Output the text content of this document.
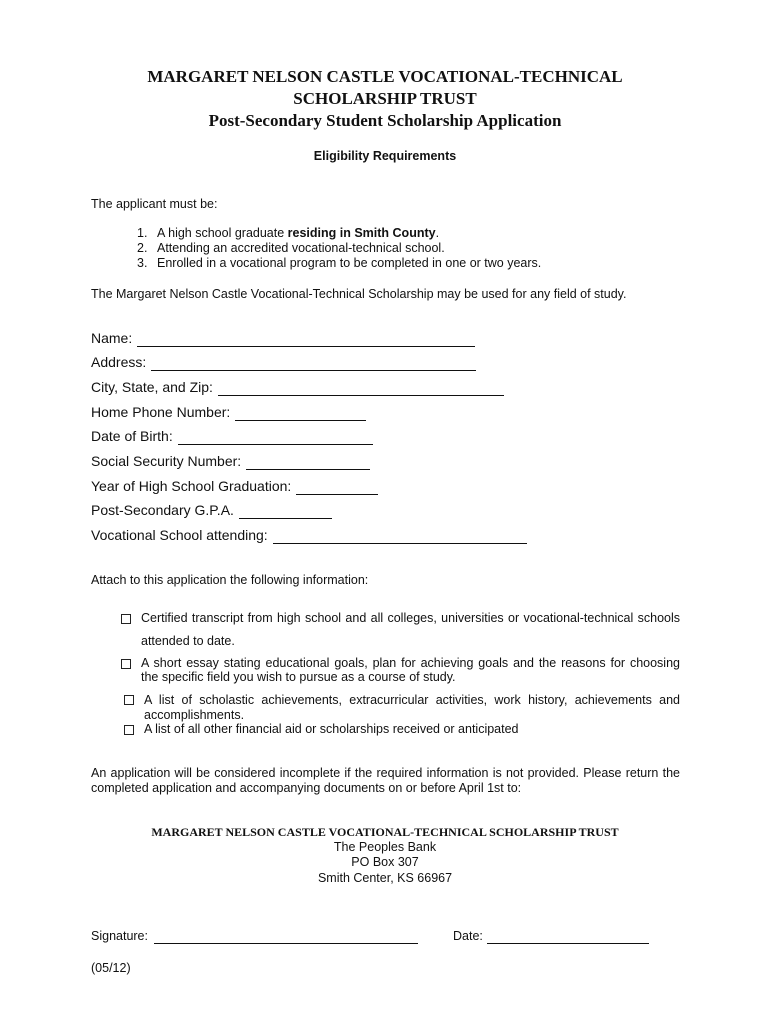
MARGARET NELSON CASTLE VOCATIONAL-TECHNICAL
SCHOLARSHIP TRUST
Post-Secondary Student Scholarship Application
Eligibility Requirements
The applicant must be:
1. A high school graduate residing in Smith County.
2. Attending an accredited vocational-technical school.
3. Enrolled in a vocational program to be completed in one or two years.
The Margaret Nelson Castle Vocational-Technical Scholarship may be used for any field of study.
Name:
Address:
City, State, and Zip:
Home Phone Number:
Date of Birth:
Social Security Number:
Year of High School Graduation:
Post-Secondary G.P.A.
Vocational School attending:
Attach to this application the following information:
Certified transcript from high school and all colleges, universities or vocational-technical schools
attended to date.
A short essay stating educational goals, plan for achieving goals and the reasons for choosing
the specific field you wish to pursue as a course of study.
A list of scholastic achievements, extracurricular activities, work history, achievements and
accomplishments.
A list of all other financial aid or scholarships received or anticipated
An application will be considered incomplete if the required information is not provided. Please return the
completed application and accompanying documents on or before April 1st to:
MARGARET NELSON CASTLE VOCATIONAL-TECHNICAL SCHOLARSHIP TRUST
The Peoples Bank
PO Box 307
Smith Center, KS 66967
Signature:	Date:
(05/12)
